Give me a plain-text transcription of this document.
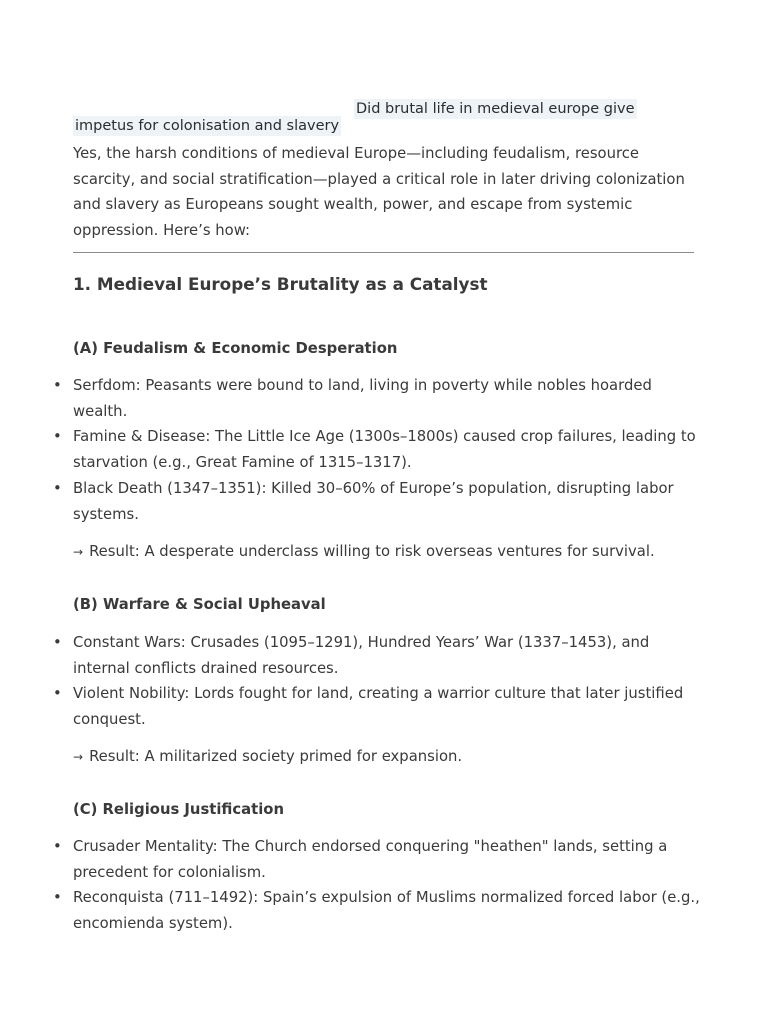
Did brutal life in medieval europe give impetus for colonisation and slavery

Yes, the harsh conditions of medieval Europe—including feudalism, resource scarcity, and social stratification—played a critical role in later driving colonization and slavery as Europeans sought wealth, power, and escape from systemic oppression. Here’s how:

1. Medieval Europe’s Brutality as a Catalyst
(A) Feudalism & Economic Desperation
• Serfdom: Peasants were bound to land, living in poverty while nobles hoarded wealth.
• Famine & Disease: The Little Ice Age (1300s–1800s) caused crop failures, leading to starvation (e.g., Great Famine of 1315–1317).
• Black Death (1347–1351): Killed 30–60% of Europe’s population, disrupting labor systems.

→ Result: A desperate underclass willing to risk overseas ventures for survival.

(B) Warfare & Social Upheaval
• Constant Wars: Crusades (1095–1291), Hundred Years’ War (1337–1453), and internal conflicts drained resources.
• Violent Nobility: Lords fought for land, creating a warrior culture that later justified conquest.

→ Result: A militarized society primed for expansion.

(C) Religious Justification
• Crusader Mentality: The Church endorsed conquering "heathen" lands, setting a precedent for colonialism.
• Reconquista (711–1492): Spain’s expulsion of Muslims normalized forced labor (e.g., encomienda system).
